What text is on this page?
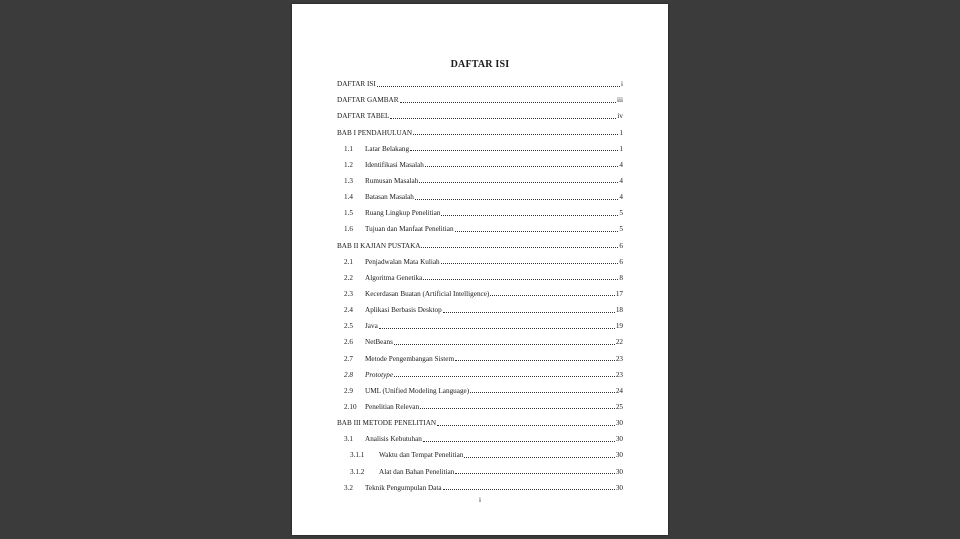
DAFTAR ISI
DAFTAR ISI	i
DAFTAR GAMBAR	iii
DAFTAR TABEL	iv
BAB I PENDAHULUAN	1
1.1	Latar Belakang	1
1.2	Identifikasi Masalah	4
1.3	Rumusan Masalah	4
1.4	Batasan Masalah	4
1.5	Ruang Lingkup Penelitian	5
1.6	Tujuan dan Manfaat Penelitian	5
BAB II KAJIAN PUSTAKA	6
2.1	Penjadwalan Mata Kuliah	6
2.2	Algoritma Genetika	8
2.3	Kecerdasan Buatan (Artificial Intelligence)	17
2.4	Aplikasi Berbasis Desktop	18
2.5	Java	19
2.6	NetBeans	22
2.7	Metode Pengembangan Sistem	23
2.8	Prototype	23
2.9	UML (Unified Modeling Language)	24
2.10	Penelitian Relevan	25
BAB III METODE PENELITIAN	30
3.1	Analisis Kebutuhan	30
3.1.1	Waktu dan Tempat Penelitian	30
3.1.2	Alat dan Bahan Penelitian	30
3.2	Teknik Pengumpulan Data	30
i
